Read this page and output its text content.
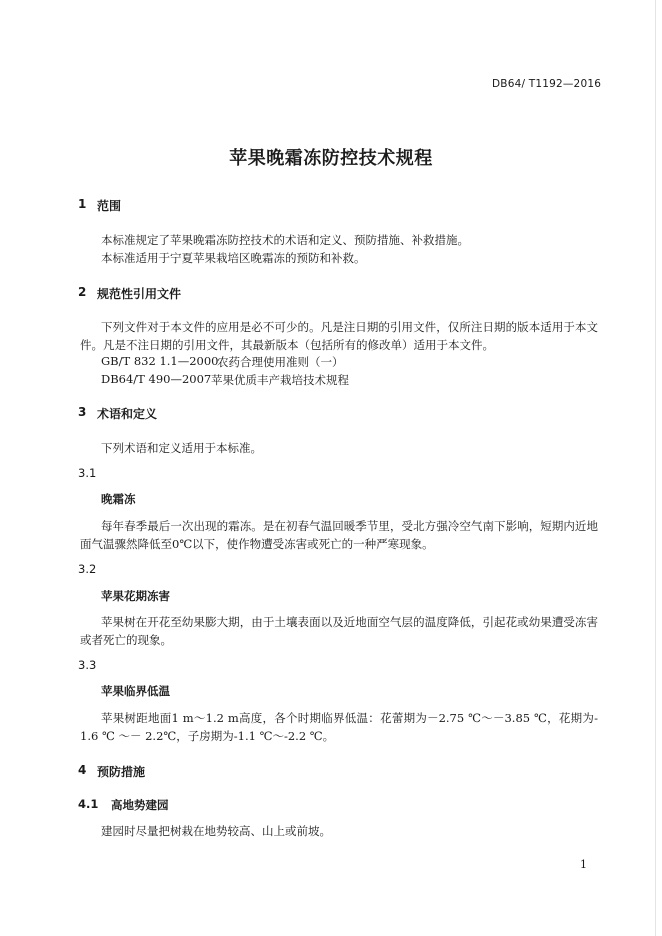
DB64/ T1192—2016
苹果晚霜冻防控技术规程
1 范围
本标准规定了苹果晚霜冻防控技术的术语和定义、预防措施、补救措施。
本标准适用于宁夏苹果栽培区晚霜冻的预防和补救。
2 规范性引用文件
下列文件对于本文件的应用是必不可少的。凡是注日期的引用文件，仅所注日期的版本适用于本文
件。凡是不注日期的引用文件，其最新版本（包括所有的修改单）适用于本文件。
GB/T 832 1.1—2000
农药合理使用准则（一）
DB64/T 490—2007 苹果优质丰产栽培技术规程
3 术语和定义
下列术语和定义适用于本标准。
3.1
晚霜冻
每年春季最后一次出现的霜冻。是在初春气温回暖季节里，受北方强冷空气南下影响，短期内近地
面气温骤然降低至0℃以下，使作物遭受冻害或死亡的一种严寒现象。
3.2
苹果花期冻害
苹果树在开花至幼果膨大期，由于土壤表面以及近地面空气层的温度降低，引起花或幼果遭受冻害
或者死亡的现象。
3.3
苹果临界低温
苹果树距地面1 m～1.2 m高度，各个时期临界低温：花蕾期为－2.75 ℃～－3.85 ℃，花期为-
1.6 ℃ ～－ 2.2℃，子房期为-1.1 ℃～-2.2 ℃。
4 预防措施
4.1 高地势建园
建园时尽量把树栽在地势较高、山上或前坡。
1
